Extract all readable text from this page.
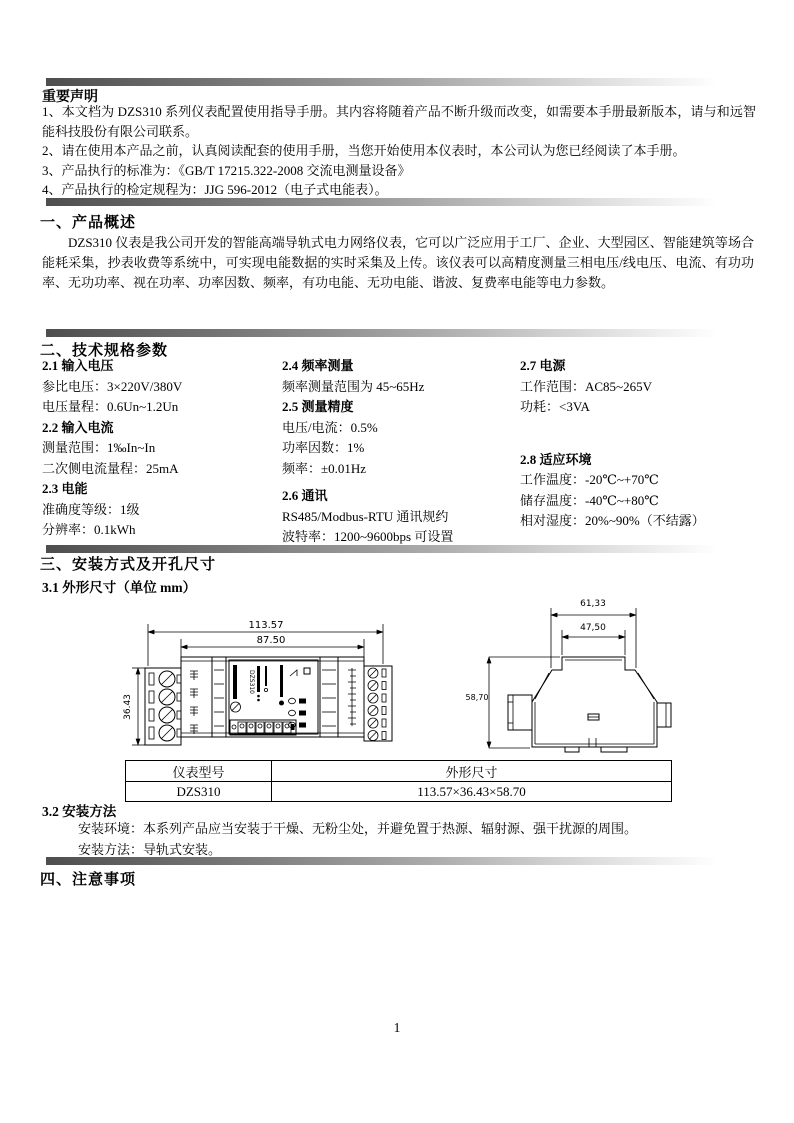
重要声明
1、本文档为 DZS310 系列仪表配置使用指导手册。其内容将随着产品不断升级而改变，如需要本手册最新版本，请与和远智能科技股份有限公司联系。
2、请在使用本产品之前，认真阅读配套的使用手册，当您开始使用本仪表时，本公司认为您已经阅读了本手册。
3、产品执行的标准为：《GB/T 17215.322-2008 交流电测量设备》
4、产品执行的检定规程为：JJG 596-2012（电子式电能表）。
一、产品概述
DZS310 仪表是我公司开发的智能高端导轨式电力网络仪表，它可以广泛应用于工厂、企业、大型园区、智能建筑等场合能耗采集，抄表收费等系统中，可实现电能数据的实时采集及上传。该仪表可以高精度测量三相电压/线电压、电流、有功功率、无功功率、视在功率、功率因数、频率，有功电能、无功电能、谐波、复费率电能等电力参数。
二、技术规格参数
2.1 输入电压
参比电压：3×220V/380V
电压量程：0.6Un~1.2Un
2.2 输入电流
测量范围：1‰In~In
二次侧电流量程：25mA
2.3 电能
准确度等级：1级
分辨率：0.1kWh
2.4 频率测量
频率测量范围为 45~65Hz
2.5 测量精度
电压/电流：0.5%
功率因数：1%
频率：±0.01Hz
2.6 通讯
RS485/Modbus-RTU 通讯规约
波特率：1200~9600bps 可设置
2.7 电源
工作范围：AC85~265V
功耗：<3VA
2.8 适应环境
工作温度：-20℃~+70℃
储存温度：-40℃~+80℃
相对湿度：20%~90%（不结露）
三、安装方式及开孔尺寸
3.1 外形尺寸（单位 mm）
113.57
87.50
36.43
DZS310
61,33
47,50
58,70
仪表型号	外形尺寸
DZS310	113.57×36.43×58.70
3.2 安装方法
安装环境：本系列产品应当安装于干燥、无粉尘处，并避免置于热源、辐射源、强干扰源的周围。
安装方法：导轨式安装。
四、注意事项
1
